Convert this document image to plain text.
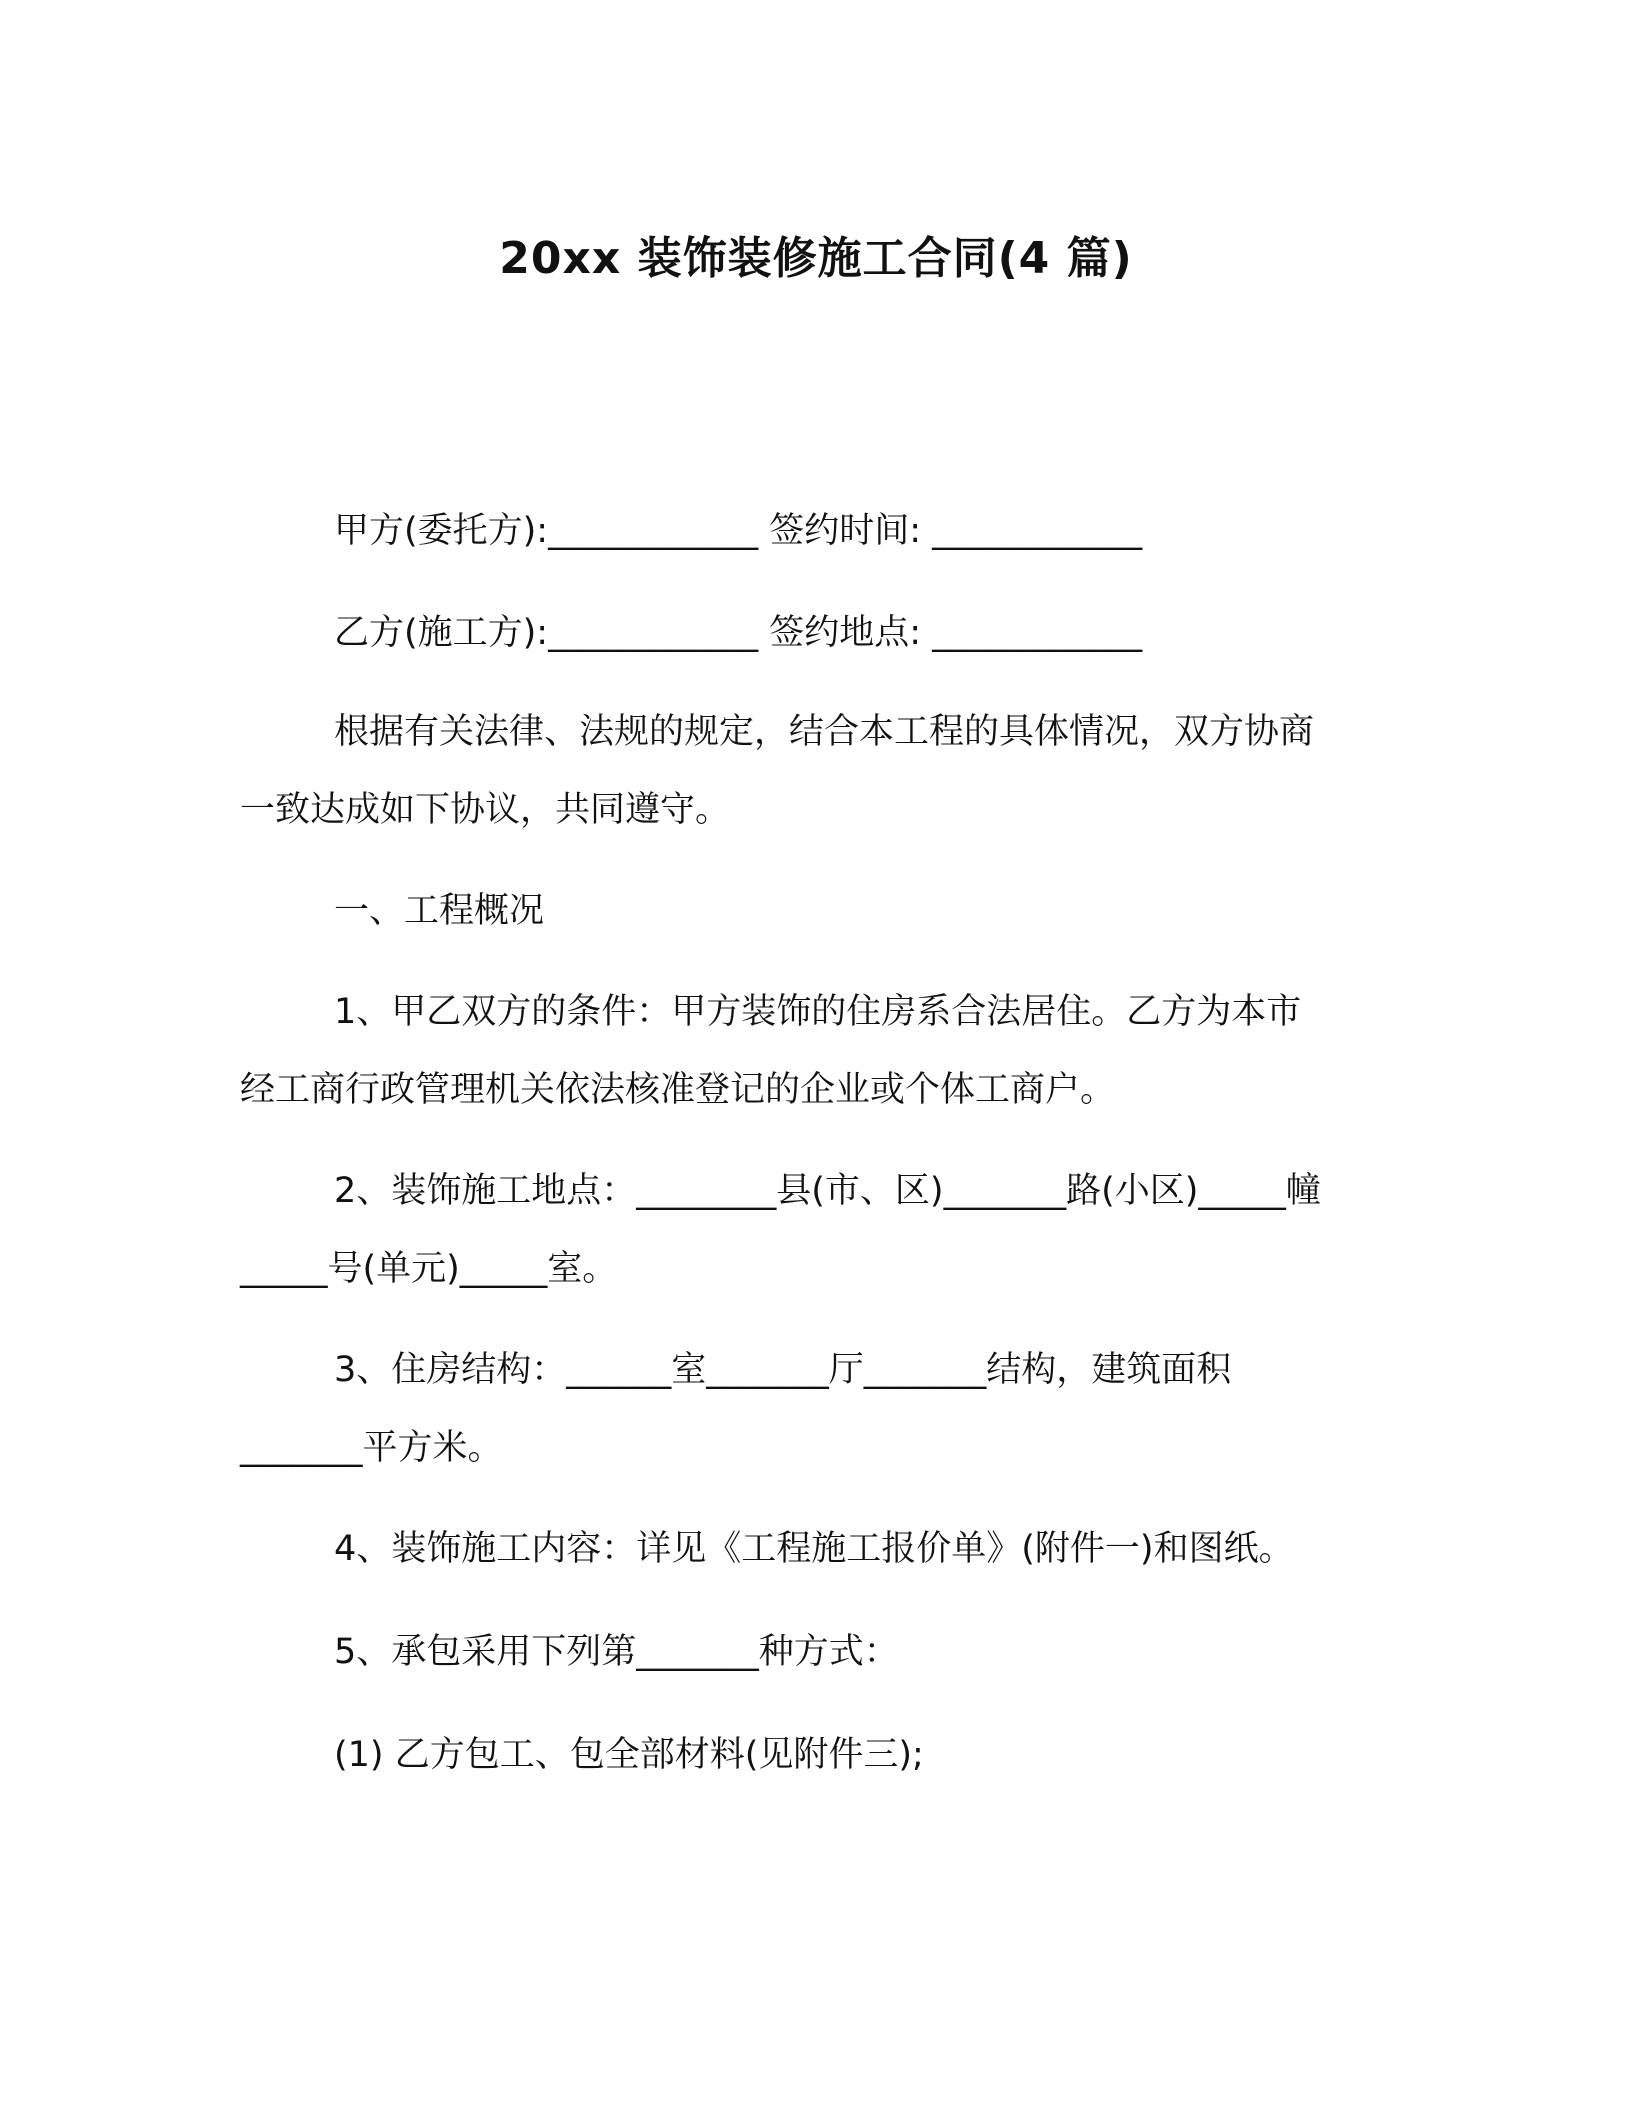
20xx 装饰装修施工合同(4 篇)
甲方(委托方):____________ 签约时间: ____________
乙方(施工方):____________ 签约地点: ____________
根据有关法律、法规的规定，结合本工程的具体情况，双方协商
一致达成如下协议，共同遵守。
一、工程概况
1、甲乙双方的条件：甲方装饰的住房系合法居住。乙方为本市
经工商行政管理机关依法核准登记的企业或个体工商户。
2、装饰施工地点：________县(市、区)_______路(小区)_____幢
_____号(单元)_____室。
3、住房结构：______室_______厅_______结构，建筑面积
_______平方米。
4、装饰施工内容：详见《工程施工报价单》(附件一)和图纸。
5、承包采用下列第_______种方式：
(1) 乙方包工、包全部材料(见附件三);
